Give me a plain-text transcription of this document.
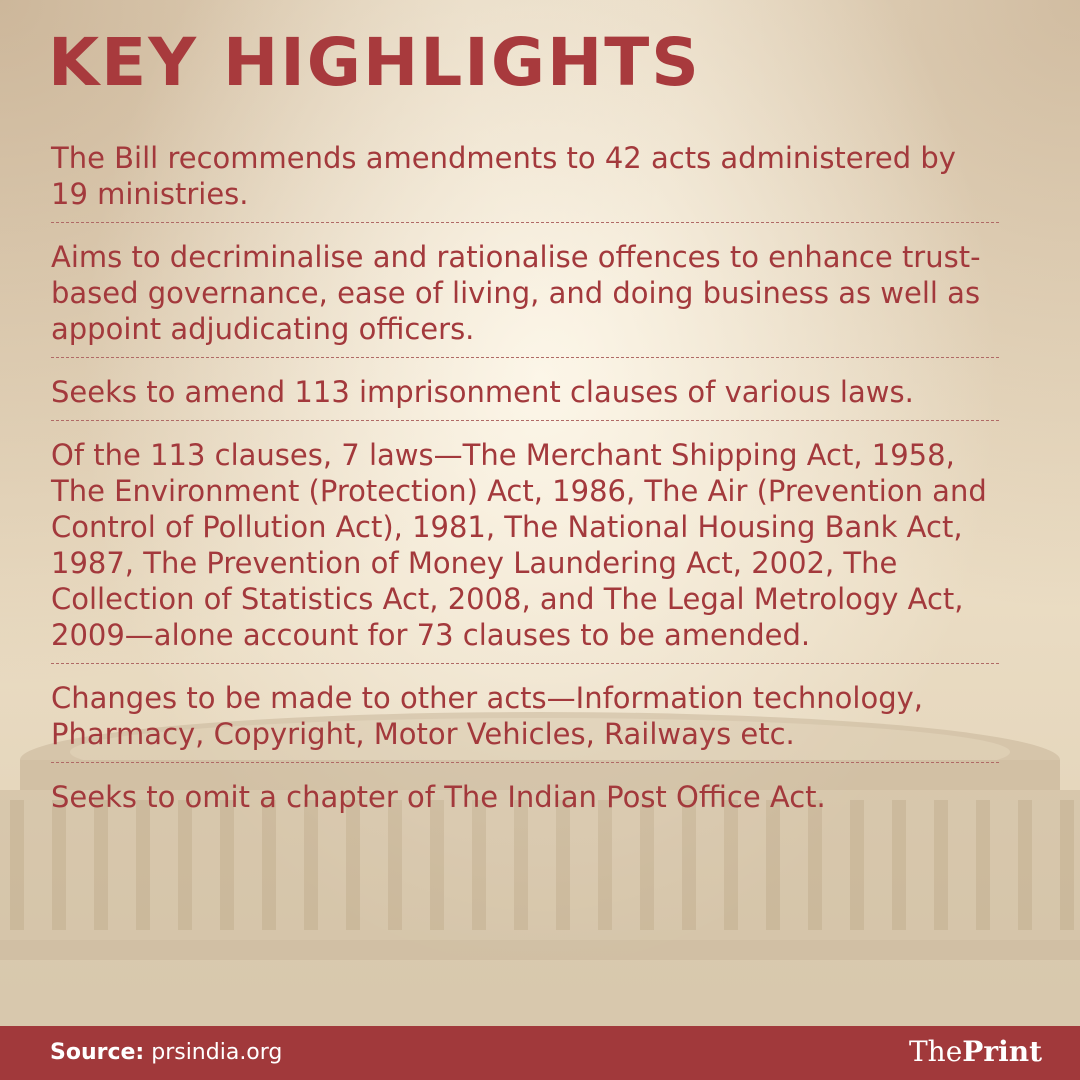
KEY HIGHLIGHTS
The Bill recommends amendments to 42 acts administered by 19 ministries.
Aims to decriminalise and rationalise offences to enhance trust-based governance, ease of living, and doing business as well as appoint adjudicating officers.
Seeks to amend 113 imprisonment clauses of various laws.
Of the 113 clauses, 7 laws—The Merchant Shipping Act, 1958, The Environment (Protection) Act, 1986, The Air (Prevention and Control of Pollution Act), 1981, The National Housing Bank Act, 1987, The Prevention of Money Laundering Act, 2002, The Collection of Statistics Act, 2008, and The Legal Metrology Act, 2009—alone account for 73 clauses to be amended.
Changes to be made to other acts—Information technology, Pharmacy, Copyright, Motor Vehicles, Railways etc.
Seeks to omit a chapter of The Indian Post Office Act.
Source: prsindia.org	ThePrint
